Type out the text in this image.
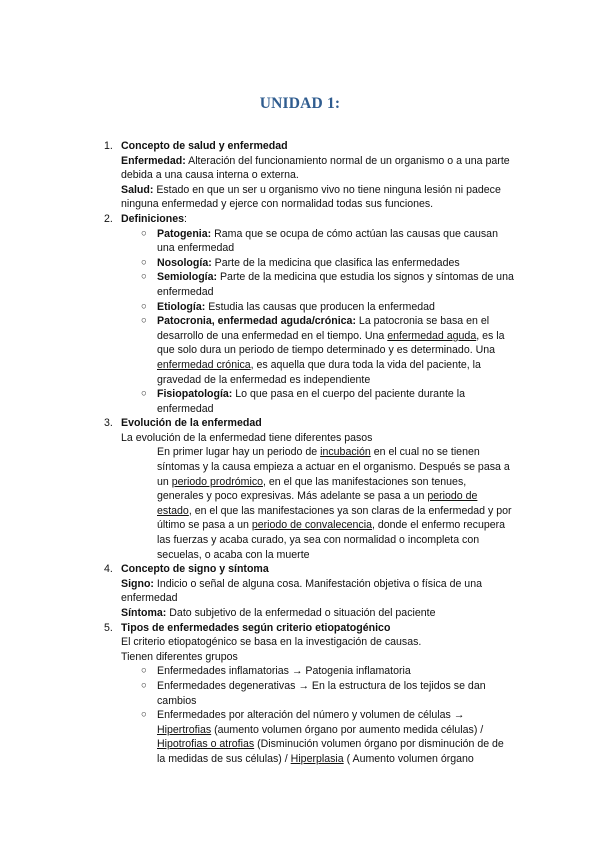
UNIDAD 1:
1. Concepto de salud y enfermedad
Enfermedad: Alteración del funcionamiento normal de un organismo o a una parte debida a una causa interna o externa.
Salud: Estado en que un ser u organismo vivo no tiene ninguna lesión ni padece ninguna enfermedad y ejerce con normalidad todas sus funciones.
2. Definiciones:
○ Patogenia: Rama que se ocupa de cómo actúan las causas que causan una enfermedad
○ Nosología: Parte de la medicina que clasifica las enfermedades
○ Semiología: Parte de la medicina que estudia los signos y síntomas de una enfermedad
○ Etiología: Estudia las causas que producen la enfermedad
○ Patocronia, enfermedad aguda/crónica: La patocronia se basa en el desarrollo de una enfermedad en el tiempo. Una enfermedad aguda, es la que solo dura un periodo de tiempo determinado y es determinado. Una enfermedad crónica, es aquella que dura toda la vida del paciente, la gravedad de la enfermedad es independiente
○ Fisiopatología: Lo que pasa en el cuerpo del paciente durante la enfermedad
3. Evolución de la enfermedad
La evolución de la enfermedad tiene diferentes pasos
En primer lugar hay un periodo de incubación en el cual no se tienen síntomas y la causa empieza a actuar en el organismo. Después se pasa a un periodo prodrómico, en el que las manifestaciones son tenues, generales y poco expresivas. Más adelante se pasa a un periodo de estado, en el que las manifestaciones ya son claras de la enfermedad y por último se pasa a un periodo de convalecencia, donde el enfermo recupera las fuerzas y acaba curado, ya sea con normalidad o incompleta con secuelas, o acaba con la muerte
4. Concepto de signo y síntoma
Signo: Indicio o señal de alguna cosa. Manifestación objetiva o física de una enfermedad
Síntoma: Dato subjetivo de la enfermedad o situación del paciente
5. Tipos de enfermedades según criterio etiopatogénico
El criterio etiopatogénico se basa en la investigación de causas.
Tienen diferentes grupos
○ Enfermedades inflamatorias → Patogenia inflamatoria
○ Enfermedades degenerativas → En la estructura de los tejidos se dan cambios
○ Enfermedades por alteración del número y volumen de células → Hipertrofias (aumento volumen órgano por aumento medida células) / Hipotrofias o atrofias (Disminución volumen órgano por disminución de de la medidas de sus células) / Hiperplasia ( Aumento volumen órgano
